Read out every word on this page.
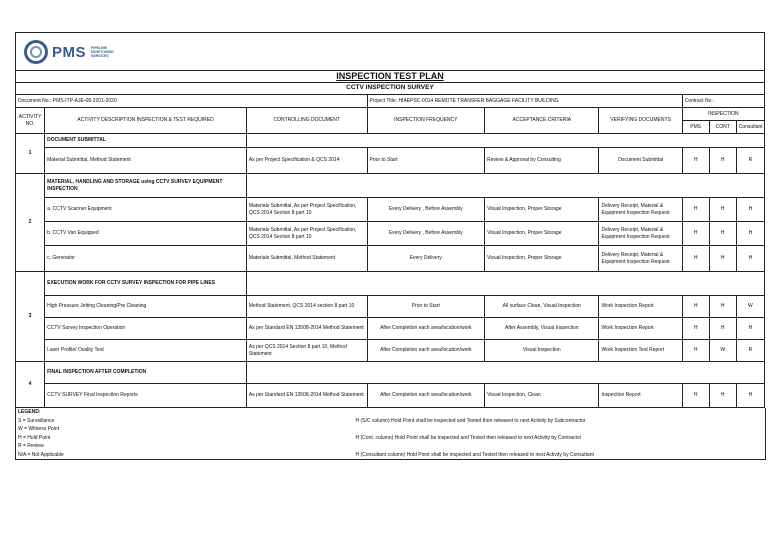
PMS PIPELINE
MONITORING
SERVICES
INSPECTION TEST PLAN								
CCTV INSPECTION SURVEY								
Document No.: PMS-ITP-AJE-08-2201-2020			Project Title: HIAEPSC-0014 REMOTE TRANSFER BAGGAGE FACILITY BUILDING			Contract No.:		
ACTIVITY NO.	ACTIVITY DESCRIPTION INSPECTION & TEST REQUIRED	CONTROLLING DOCUMENT	INSPECTION FREQUENCY	ACCEPTANCE CRITERIA	VERIFYING DOCUMENTS	INSPECTION		
						PMS	CONT	Consultant
1	DOCUMENT SUBMITTAL							
	Material Submittal, Method Statement	As per Project Specification & QCS 2014	Prior to Start	Review & Approval by Consulting	Document Submittal	H	H	R
2	MATERIAL, HANDLING AND STORAGE using CCTV SURVEY EQUIPMENT INSPECTION							
	a. CCTV Scanner Equipment	Materials Submittal, As per Project Specification, QCS 2014 Section 8 part 10	Every Delivery , Before Assembly	Visual Inspection, Proper Storage	Delivery Receipt, Material & Equipment Inspection Request	H	H	H
	b. CCTV Van Equipped	Materials Submittal, As per Project Specification, QCS 2014 Section 8 part 10	Every Delivery , Before Assembly	Visual Inspection, Proper Storage	Delivery Receipt, Material & Equipment Inspection Request	H	H	H
	c. Generator	Materials Submittal, Method Statement	Every Delivery	Visual Inspection, Proper Storage	Delivery Receipt, Material & Equipment Inspection Request	H	H	H
3	EXECUTION WORK FOR CCTV SURVEY INSPECTION FOR PIPE LINES							
	High Pressure Jetting Cleaning/Pre Cleaning	Method Statement, QCS 2014 section 8 part 10	Prior to Start	All surface Clean, Visual Inspection	Work Inspection Report	H	H	W
	CCTV Survey Inspection Operation	As per Standard EN 13508-2014 Method Statement	After Completion each area/location/work	After Assembly, Visual Inspection	Work Inspection Report	H	H	H
	Laser Profile/ Ovality Test	As per QCS 2014 Section 8 part 10, Method Statement	After Completion each area/location/work	Visual Inspection	Work Inspection Test Report	H	W	R
4	FINAL INSPECTION AFTER COMPLETION							
	CCTV SURVEY Final Inspection Reports	As per Standard EN 13508-2014 Method Statement	After Completion each area/location/work	Visual Inspection, Clean	Inspection Report	H	H	H
LEGEND:	
S = Surveillance	H (S/C column) Hold Point shall be inspected and Tested then released to next Activity by Subcontractor
W = Witness Point	
H = Hold Point	H (Cont. column) Hold Point shall be inspected and Tested then released to next Activity by Contractor
R = Review	
N/A = Not Applicable	H (Consultant column) Hold Point shall be inspected and Tested then released to next Activity by Consultant
